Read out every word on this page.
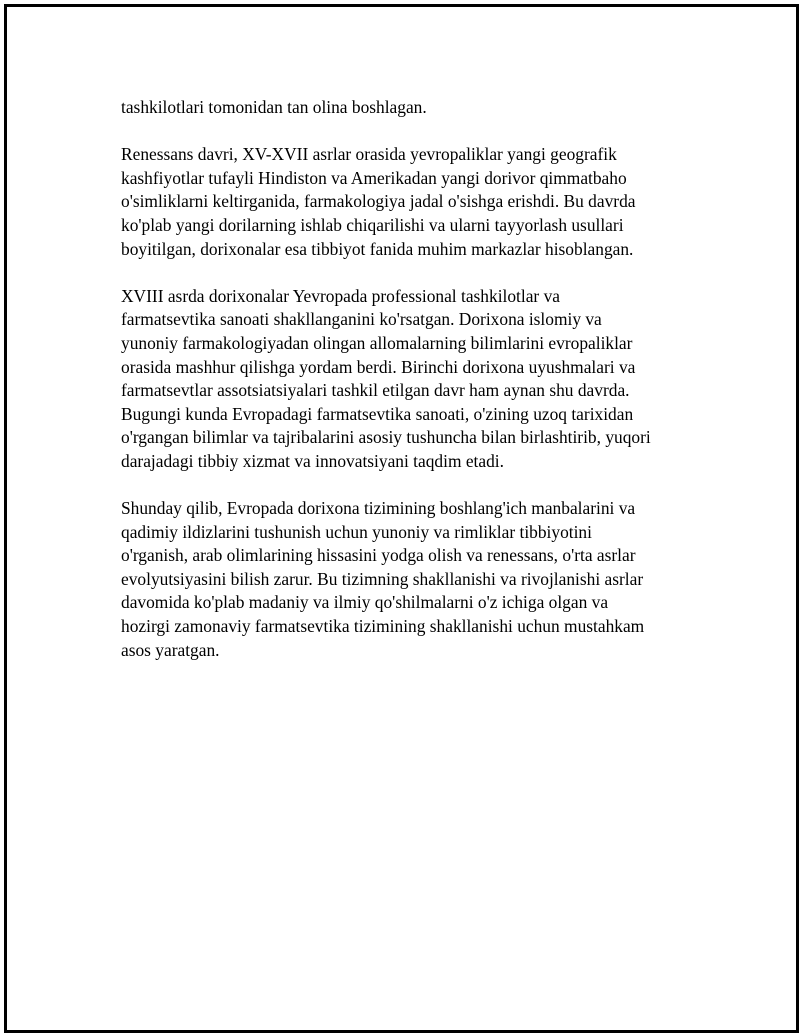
tashkilotlari tomonidan tan olina boshlagan.

Renessans davri, XV-XVII asrlar orasida yevropaliklar yangi geografik
kashfiyotlar tufayli Hindiston va Amerikadan yangi dorivor qimmatbaho
o'simliklarni keltirganida, farmakologiya jadal o'sishga erishdi. Bu davrda
ko'plab yangi dorilarning ishlab chiqarilishi va ularni tayyorlash usullari
boyitilgan, dorixonalar esa tibbiyot fanida muhim markazlar hisoblangan.

XVIII asrda dorixonalar Yevropada professional tashkilotlar va
farmatsevtika sanoati shakllanganini ko'rsatgan. Dorixona islomiy va
yunoniy farmakologiyadan olingan allomalarning bilimlarini evropaliklar
orasida mashhur qilishga yordam berdi. Birinchi dorixona uyushmalari va
farmatsevtlar assotsiatsiyalari tashkil etilgan davr ham aynan shu davrda.
Bugungi kunda Evropadagi farmatsevtika sanoati, o'zining uzoq tarixidan
o'rgangan bilimlar va tajribalarini asosiy tushuncha bilan birlashtirib, yuqori
darajadagi tibbiy xizmat va innovatsiyani taqdim etadi.

Shunday qilib, Evropada dorixona tizimining boshlang'ich manbalarini va
qadimiy ildizlarini tushunish uchun yunoniy va rimliklar tibbiyotini
o'rganish, arab olimlarining hissasini yodga olish va renessans, o'rta asrlar
evolyutsiyasini bilish zarur. Bu tizimning shakllanishi va rivojlanishi asrlar
davomida ko'plab madaniy va ilmiy qo'shilmalarni o'z ichiga olgan va
hozirgi zamonaviy farmatsevtika tizimining shakllanishi uchun mustahkam
asos yaratgan.
